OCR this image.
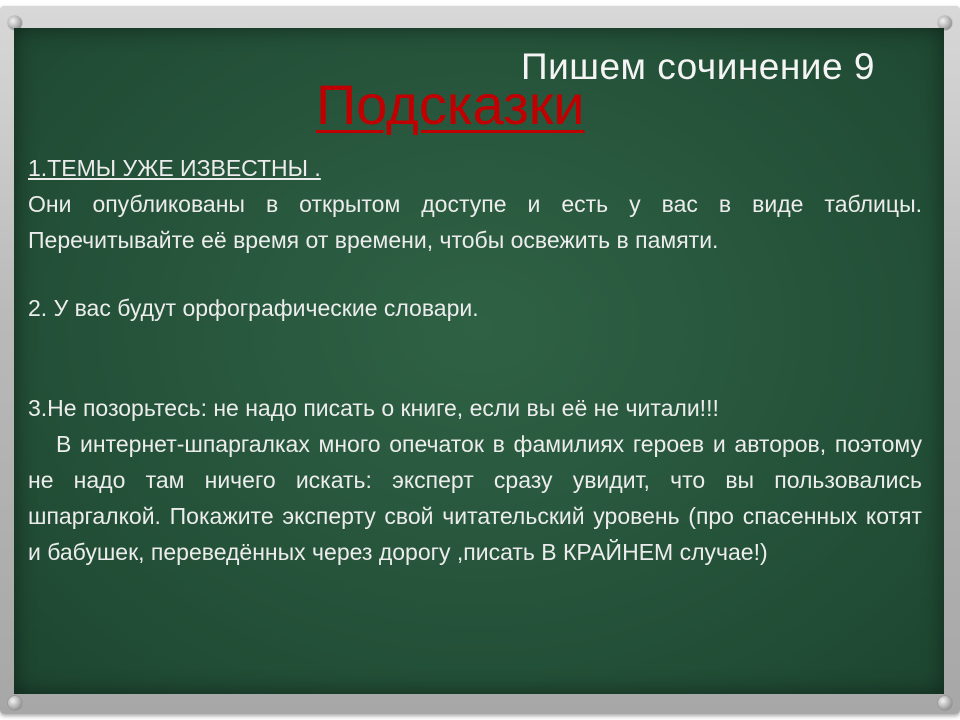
Пишем сочинение 9
Подсказки

1.ТЕМЫ УЖЕ ИЗВЕСТНЫ .

Они опубликованы в открытом доступе и есть у вас в виде таблицы. Перечитывайте её время от времени, чтобы освежить в памяти.

2. У вас будут орфографические словари.

3.Не позорьтесь: не надо писать о книге, если вы её не читали!!!

В интернет-шпаргалках много опечаток в фамилиях героев и авторов, поэтому не надо там ничего искать: эксперт сразу увидит, что вы пользовались шпаргалкой. Покажите эксперту свой читательский уровень (про спасенных котят и бабушек, переведённых через дорогу ,писать В КРАЙНЕМ случае!)
